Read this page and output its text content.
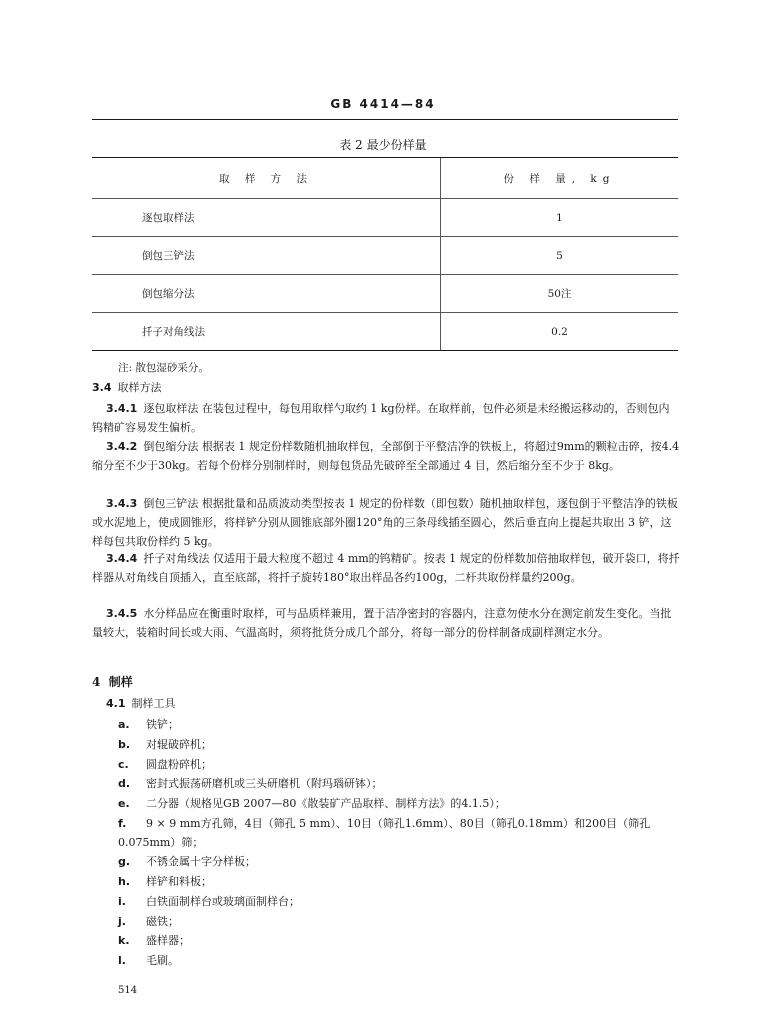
GB 4414—84
表 2 最少份样量
取 样 方 法	份 样 量, kg
逐包取样法	1
倒包三铲法	5
倒包缩分法	50注
扦子对角线法	0.2
注: 散包湿砂采分。
3.4 取样方法
3.4.1 逐包取样法 在装包过程中，每包用取样勺取约 1 kg份样。在取样前，包件必须是未经搬运移动的，否则包内钨精矿容易发生偏析。
3.4.2 倒包缩分法 根据表 1 规定份样数随机抽取样包，全部倒于平整洁净的铁板上，将超过9mm的颗粒击碎，按4.4缩分至不少于30kg。若每个份样分别制样时，则每包货品先破碎至全部通过 4 目，然后缩分至不少于 8kg。
3.4.3 倒包三铲法 根据批量和品质波动类型按表 1 规定的份样数（即包数）随机抽取样包，逐包倒于平整洁净的铁板或水泥地上，使成圆锥形，将样铲分别从圆锥底部外圈120°角的三条母线插至圆心，然后垂直向上提起共取出 3 铲，这样每包共取份样约 5 kg。
3.4.4 扦子对角线法 仅适用于最大粒度不超过 4 mm的钨精矿。按表 1 规定的份样数加倍抽取样包，破开袋口，将扦样器从对角线自顶插入，直至底部，将扦子旋转180°取出样品各约100g，二杆共取份样量约200g。
3.4.5 水分样品应在衡重时取样，可与品质样兼用，置于洁净密封的容器内，注意勿使水分在测定前发生变化。当批量较大，装箱时间长或大雨、气温高时，须将批货分成几个部分，将每一部分的份样制备成副样测定水分。
4 制样
4.1 制样工具
a. 铁铲；
b. 对辊破碎机；
c. 圆盘粉碎机；
d. 密封式振荡研磨机或三头研磨机（附玛瑙研钵）；
e. 二分器（规格见GB 2007—80《散装矿产品取样、制样方法》的4.1.5）；
f. 9 × 9 mm方孔筛，4目（筛孔 5 mm）、10目（筛孔1.6mm）、80目（筛孔0.18mm）和200目（筛孔0.075mm）筛；
g. 不锈金属十字分样板；
h. 样铲和料板；
i. 白铁面制样台或玻璃面制样台；
j. 磁铁；
k. 盛样器；
l. 毛刷。
514
